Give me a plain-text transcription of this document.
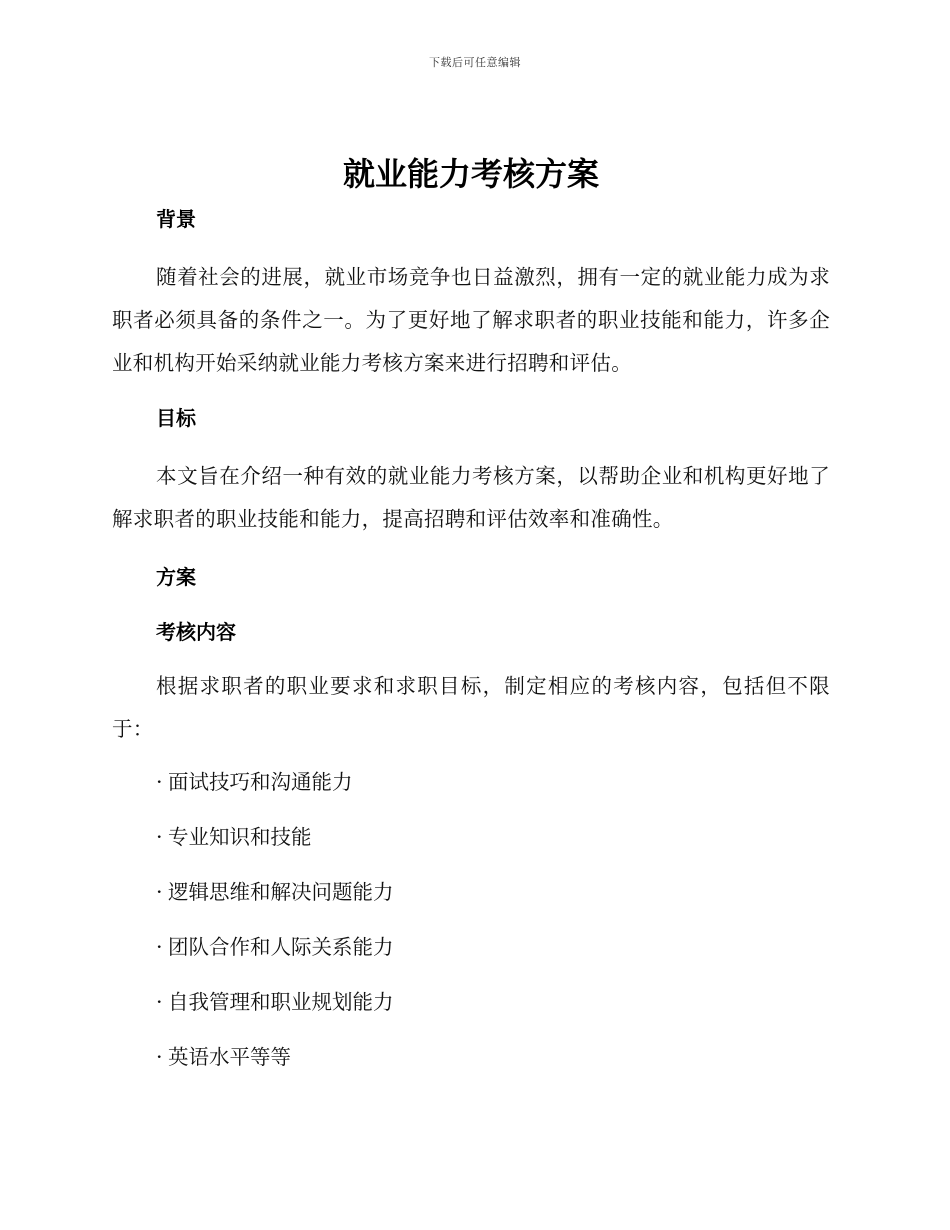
下载后可任意编辑
就业能力考核方案
背景

随着社会的进展，就业市场竞争也日益激烈，拥有一定的就业能力成为求职者必须具备的条件之一。为了更好地了解求职者的职业技能和能力，许多企业和机构开始采纳就业能力考核方案来进行招聘和评估。

目标

本文旨在介绍一种有效的就业能力考核方案，以帮助企业和机构更好地了解求职者的职业技能和能力，提高招聘和评估效率和准确性。

方案
考核内容

根据求职者的职业要求和求职目标，制定相应的考核内容，包括但不限于：

· 面试技巧和沟通能力
· 专业知识和技能
· 逻辑思维和解决问题能力
· 团队合作和人际关系能力
· 自我管理和职业规划能力
· 英语水平等等
